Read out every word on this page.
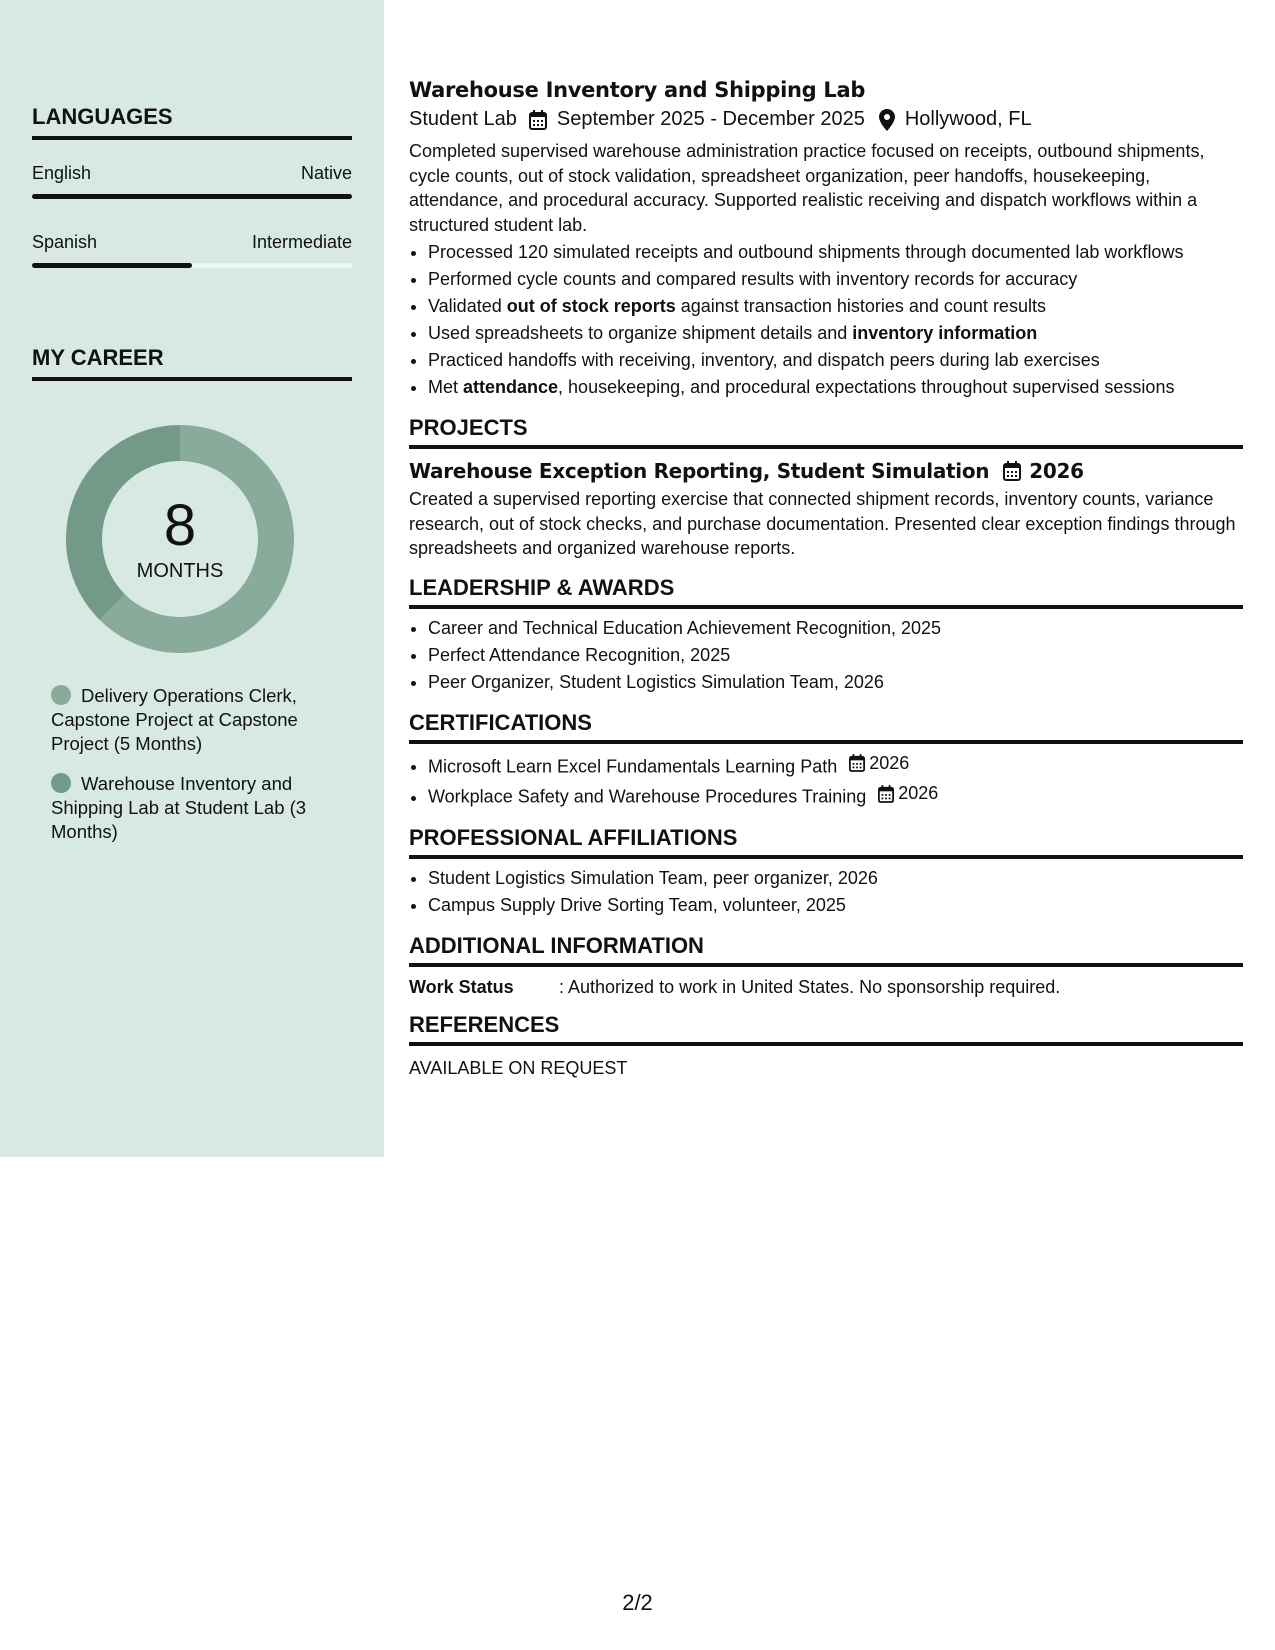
LANGUAGES
English	Native
Spanish	Intermediate
MY CAREER
8
MONTHS
Delivery Operations Clerk, Capstone Project at Capstone Project (5 Months)
Warehouse Inventory and Shipping Lab at Student Lab (3 Months)
Warehouse Inventory and Shipping Lab
Student Lab September 2025 - December 2025 Hollywood, FL
Completed supervised warehouse administration practice focused on receipts, outbound shipments, cycle counts, out of stock validation, spreadsheet organization, peer handoffs, housekeeping, attendance, and procedural accuracy. Supported realistic receiving and dispatch workflows within a structured student lab.
• Processed 120 simulated receipts and outbound shipments through documented lab workflows
• Performed cycle counts and compared results with inventory records for accuracy
• Validated out of stock reports against transaction histories and count results
• Used spreadsheets to organize shipment details and inventory information
• Practiced handoffs with receiving, inventory, and dispatch peers during lab exercises
• Met attendance, housekeeping, and procedural expectations throughout supervised sessions
PROJECTS
Warehouse Exception Reporting, Student Simulation 2026
Created a supervised reporting exercise that connected shipment records, inventory counts, variance research, out of stock checks, and purchase documentation. Presented clear exception findings through spreadsheets and organized warehouse reports.
LEADERSHIP & AWARDS
• Career and Technical Education Achievement Recognition, 2025
• Perfect Attendance Recognition, 2025
• Peer Organizer, Student Logistics Simulation Team, 2026
CERTIFICATIONS
• Microsoft Learn Excel Fundamentals Learning Path 2026
• Workplace Safety and Warehouse Procedures Training 2026
PROFESSIONAL AFFILIATIONS
• Student Logistics Simulation Team, peer organizer, 2026
• Campus Supply Drive Sorting Team, volunteer, 2025
ADDITIONAL INFORMATION
Work Status	: Authorized to work in United States. No sponsorship required.
REFERENCES
AVAILABLE ON REQUEST
2/2
